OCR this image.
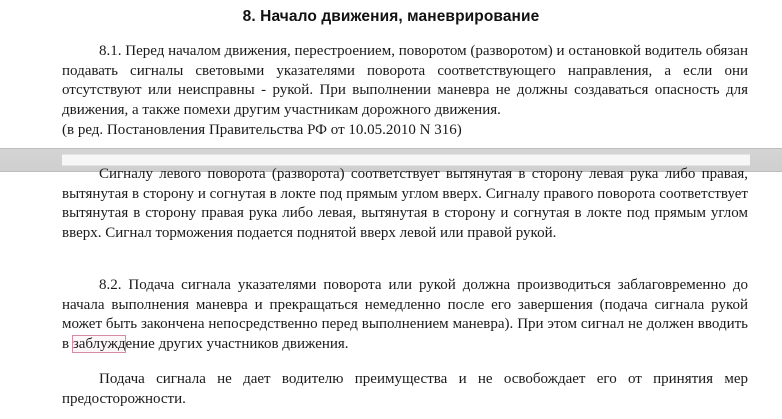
8. Начало движения, маневрирование
8.1. Перед началом движения, перестроением, поворотом (разворотом) и остановкой водитель обязан подавать сигналы световыми указателями поворота соответствующего направления, а если они отсутствуют или неисправны - рукой. При выполнении маневра не должны создаваться опасность для движения, а также помехи другим участникам дорожного движения.
(в ред. Постановления Правительства РФ от 10.05.2010 N 316)
Сигналу левого поворота (разворота) соответствует вытянутая в сторону левая рука либо правая, вытянутая в сторону и согнутая в локте под прямым углом вверх. Сигналу правого поворота соответствует вытянутая в сторону правая рука либо левая, вытянутая в сторону и согнутая в локте под прямым углом вверх. Сигнал торможения подается поднятой вверх левой или правой рукой.
8.2. Подача сигнала указателями поворота или рукой должна производиться заблаговременно до начала выполнения маневра и прекращаться немедленно после его завершения (подача сигнала рукой может быть закончена непосредственно перед выполнением маневра). При этом сигнал не должен вводить в заблуждение других участников движения.
Подача сигнала не дает водителю преимущества и не освобождает его от принятия мер предосторожности.
